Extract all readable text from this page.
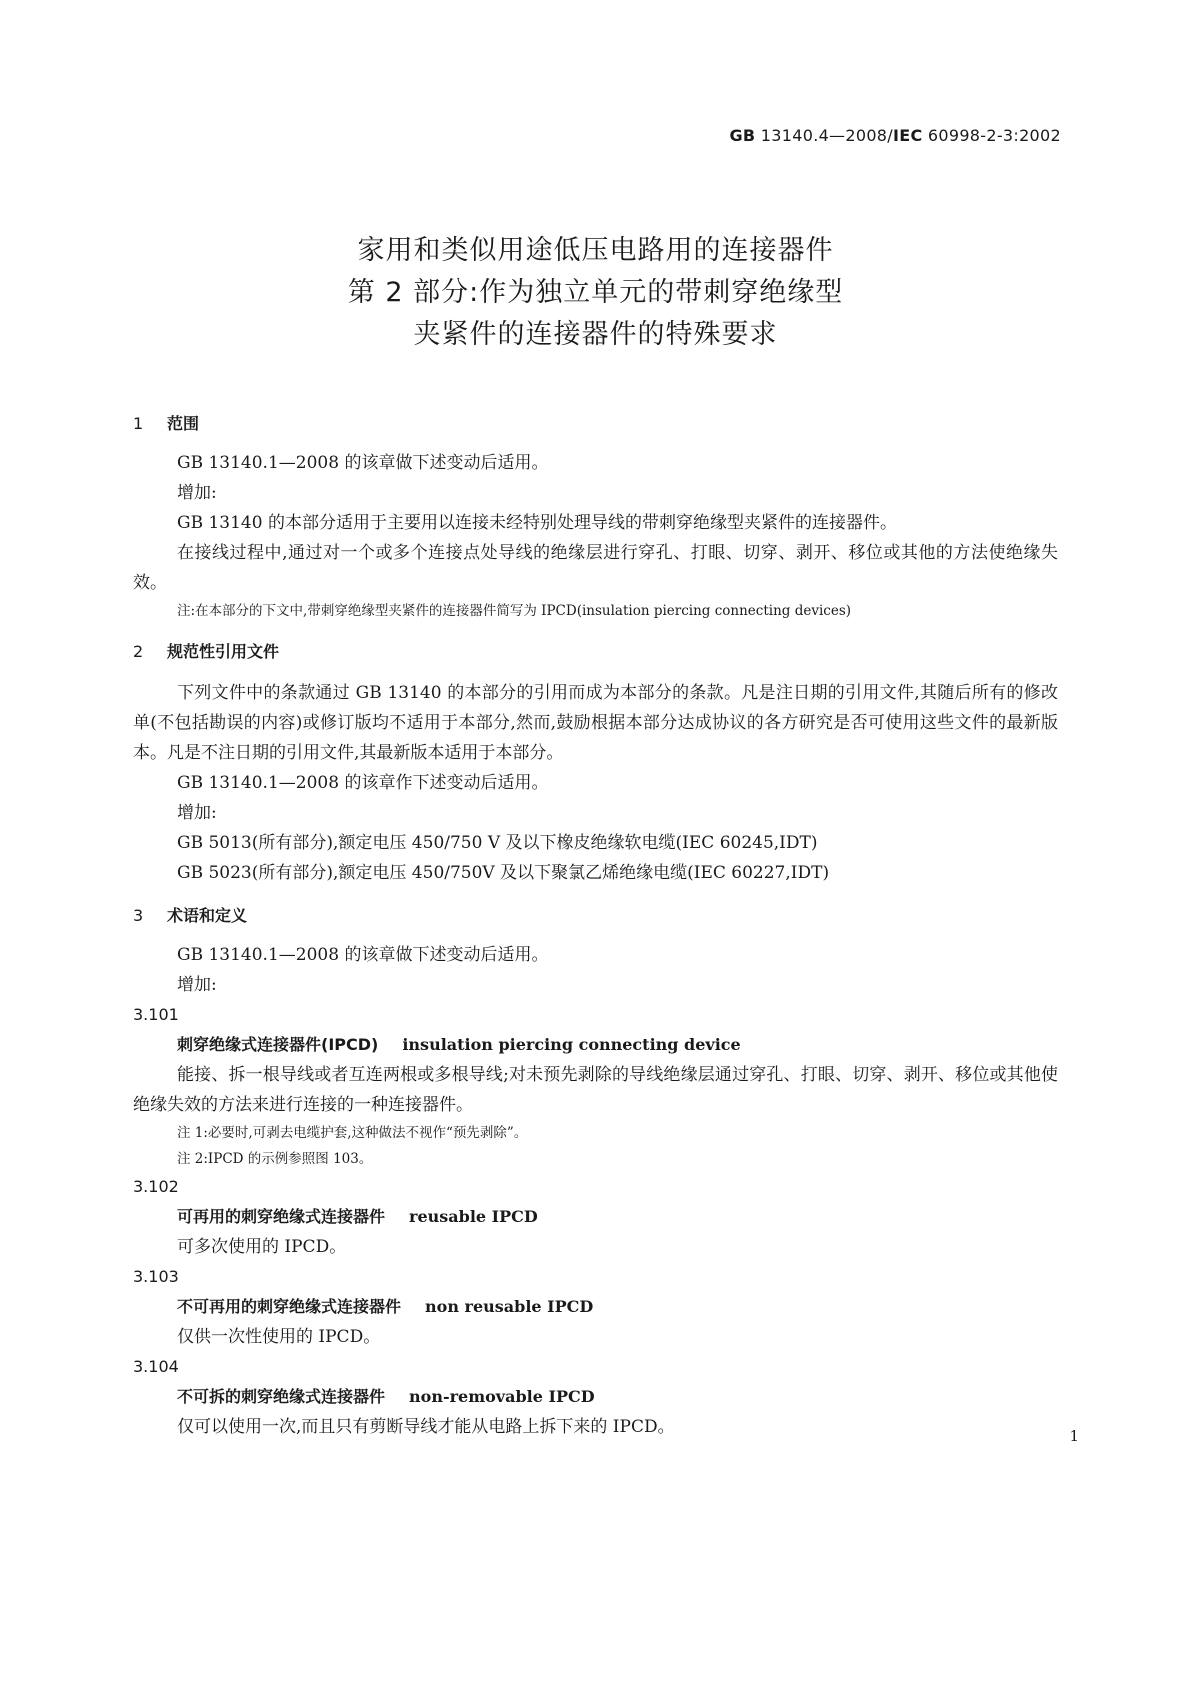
GB 13140.4—2008/IEC 60998-2-3:2002
家用和类似用途低压电路用的连接器件
第 2 部分:作为独立单元的带刺穿绝缘型
夹紧件的连接器件的特殊要求
1 范围
GB 13140.1—2008 的该章做下述变动后适用。
增加:
GB 13140 的本部分适用于主要用以连接未经特别处理导线的带刺穿绝缘型夹紧件的连接器件。
在接线过程中,通过对一个或多个连接点处导线的绝缘层进行穿孔、打眼、切穿、剥开、移位或其他的方法使绝缘失效。
注:在本部分的下文中,带刺穿绝缘型夹紧件的连接器件简写为 IPCD(insulation piercing connecting devices)
2 规范性引用文件
下列文件中的条款通过 GB 13140 的本部分的引用而成为本部分的条款。凡是注日期的引用文件,其随后所有的修改单(不包括勘误的内容)或修订版均不适用于本部分,然而,鼓励根据本部分达成协议的各方研究是否可使用这些文件的最新版本。凡是不注日期的引用文件,其最新版本适用于本部分。
GB 13140.1—2008 的该章作下述变动后适用。
增加:
GB 5013(所有部分),额定电压 450/750 V 及以下橡皮绝缘软电缆(IEC 60245,IDT)
GB 5023(所有部分),额定电压 450/750V 及以下聚氯乙烯绝缘电缆(IEC 60227,IDT)
3 术语和定义
GB 13140.1—2008 的该章做下述变动后适用。
增加:
3.101
刺穿绝缘式连接器件(IPCD) insulation piercing connecting device
能接、拆一根导线或者互连两根或多根导线;对未预先剥除的导线绝缘层通过穿孔、打眼、切穿、剥开、移位或其他使绝缘失效的方法来进行连接的一种连接器件。
注 1:必要时,可剥去电缆护套,这种做法不视作“预先剥除”。
注 2:IPCD 的示例参照图 103。
3.102
可再用的刺穿绝缘式连接器件 reusable IPCD
可多次使用的 IPCD。
3.103
不可再用的刺穿绝缘式连接器件 non reusable IPCD
仅供一次性使用的 IPCD。
3.104
不可拆的刺穿绝缘式连接器件 non-removable IPCD
仅可以使用一次,而且只有剪断导线才能从电路上拆下来的 IPCD。	1
